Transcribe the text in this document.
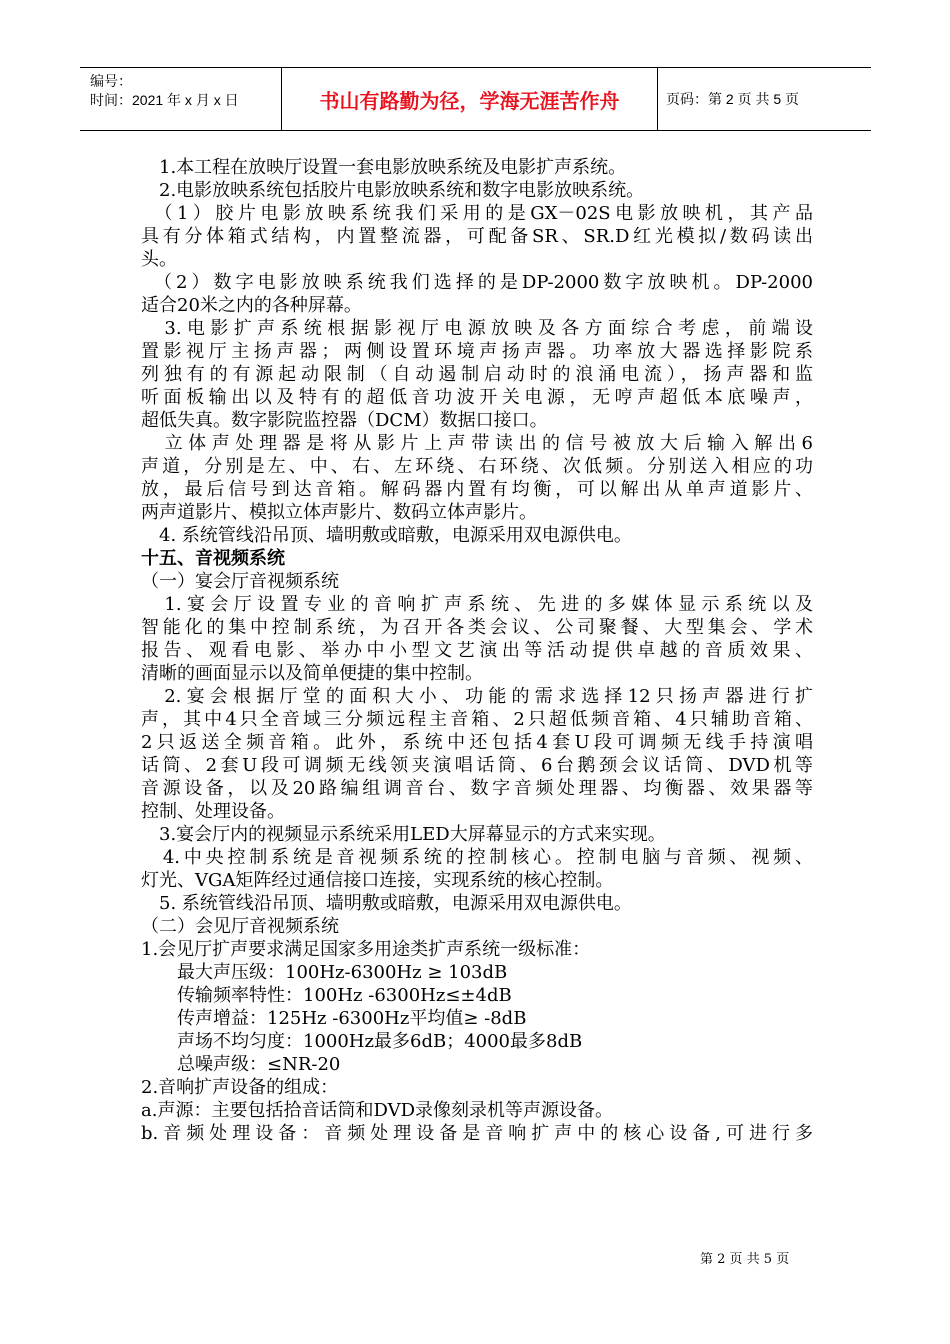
编号：
时间：2021 年 x 月 x 日	书山有路勤为径，学海无涯苦作舟	页码：第 2 页 共 5 页
　1.本工程在放映厅设置一套电影放映系统及电影扩声系统。
　2.电影放映系统包括胶片电影放映系统和数字电影放映系统。
　（1）胶片电影放映系统我们采用的是GX－02S电影放映机，其产品
具有分体箱式结构，内置整流器，可配备SR、SR.D红光模拟/数码读出
头。
　（2）数字电影放映系统我们选择的是DP-2000数字放映机。DP-2000
适合20米之内的各种屏幕。
　3.电影扩声系统根据影视厅电源放映及各方面综合考虑，前端设
置影视厅主扬声器；两侧设置环境声扬声器。功率放大器选择影院系
列独有的有源起动限制（自动遏制启动时的浪涌电流），扬声器和监
听面板输出以及特有的超低音功波开关电源，无哼声超低本底噪声，
超低失真。数字影院监控器（DCM）数据口接口。
　立体声处理器是将从影片上声带读出的信号被放大后输入解出6
声道，分别是左、中、右、左环绕、右环绕、次低频。分别送入相应的功
放，最后信号到达音箱。解码器内置有均衡，可以解出从单声道影片、
两声道影片、模拟立体声影片、数码立体声影片。
　4. 系统管线沿吊顶、墙明敷或暗敷，电源采用双电源供电。
十五、音视频系统
（一）宴会厅音视频系统
　1.宴会厅设置专业的音响扩声系统、先进的多媒体显示系统以及
智能化的集中控制系统，为召开各类会议、公司聚餐、大型集会、学术
报告、观看电影、举办中小型文艺演出等活动提供卓越的音质效果、
清晰的画面显示以及简单便捷的集中控制。
　2.宴会根据厅堂的面积大小、功能的需求选择12只扬声器进行扩
声，其中4只全音域三分频远程主音箱、2只超低频音箱、4只辅助音箱、
2只返送全频音箱。此外，系统中还包括4套U段可调频无线手持演唱
话筒、2套U段可调频无线领夹演唱话筒、6台鹅颈会议话筒、DVD机等
音源设备，以及20路编组调音台、数字音频处理器、均衡器、效果器等
控制、处理设备。
　3.宴会厅内的视频显示系统采用LED大屏幕显示的方式来实现。
　4.中央控制系统是音视频系统的控制核心。控制电脑与音频、视频、
灯光、VGA矩阵经过通信接口连接，实现系统的核心控制。
　5. 系统管线沿吊顶、墙明敷或暗敷，电源采用双电源供电。
（二）会见厅音视频系统
1.会见厅扩声要求满足国家多用途类扩声系统一级标准：
　　最大声压级：100Hz-6300Hz ≥ 103dB
　　传输频率特性：100Hz -6300Hz≤±4dB
　　传声增益：125Hz -6300Hz平均值≥ -8dB
　　声场不均匀度：1000Hz最多6dB；4000最多8dB
　　总噪声级：≤NR-20
2.音响扩声设备的组成：
a.声源：主要包括拾音话筒和DVD录像刻录机等声源设备。
b.音频处理设备：音频处理设备是音响扩声中的核心设备,可进行多
第 2 页 共 5 页
